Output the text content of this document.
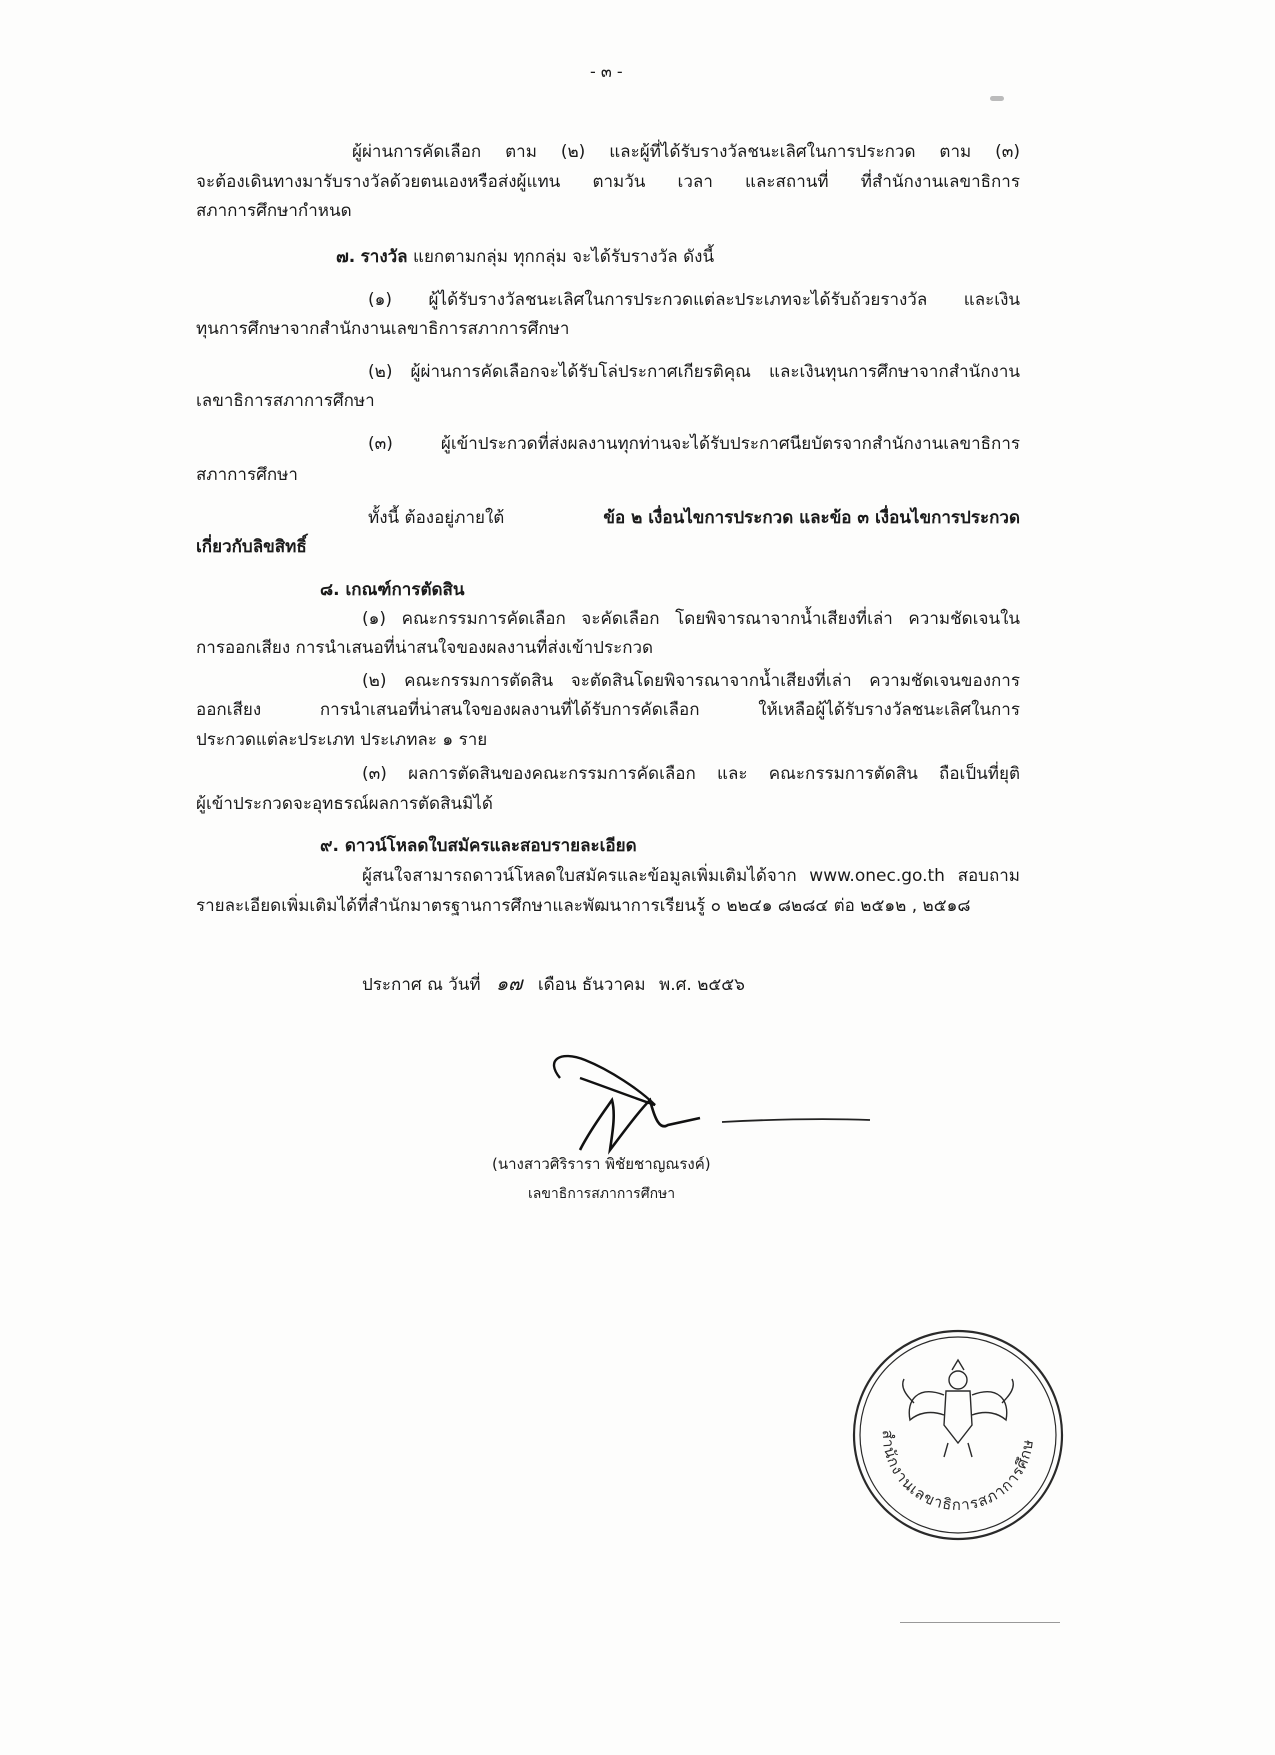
- ๓ -
ผู้ผ่านการคัดเลือก ตาม (๒) และผู้ที่ได้รับรางวัลชนะเลิศในการประกวด ตาม (๓)
จะต้องเดินทางมารับรางวัลด้วยตนเองหรือส่งผู้แทน ตามวัน เวลา และสถานที่ ที่สำนักงานเลขาธิการ
สภาการศึกษากำหนด
๗. รางวัล แยกตามกลุ่ม ทุกกลุ่ม จะได้รับรางวัล ดังนี้
(๑) ผู้ได้รับรางวัลชนะเลิศในการประกวดแต่ละประเภทจะได้รับถ้วยรางวัล และเงิน
ทุนการศึกษาจากสำนักงานเลขาธิการสภาการศึกษา
(๒) ผู้ผ่านการคัดเลือกจะได้รับโล่ประกาศเกียรติคุณ และเงินทุนการศึกษาจากสำนักงาน
เลขาธิการสภาการศึกษา
(๓) ผู้เข้าประกวดที่ส่งผลงานทุกท่านจะได้รับประกาศนียบัตรจากสำนักงานเลขาธิการ
สภาการศึกษา
ทั้งนี้ ต้องอยู่ภายใต้	ข้อ ๒ เงื่อนไขการประกวด และข้อ ๓ เงื่อนไขการประกวด
เกี่ยวกับลิขสิทธิ์
๘. เกณฑ์การตัดสิน
(๑) คณะกรรมการคัดเลือก จะคัดเลือก โดยพิจารณาจากน้ำเสียงที่เล่า ความชัดเจนใน
การออกเสียง การนำเสนอที่น่าสนใจของผลงานที่ส่งเข้าประกวด
(๒) คณะกรรมการตัดสิน จะตัดสินโดยพิจารณาจากน้ำเสียงที่เล่า ความชัดเจนของการ
ออกเสียง การนำเสนอที่น่าสนใจของผลงานที่ได้รับการคัดเลือก ให้เหลือผู้ได้รับรางวัลชนะเลิศในการ
ประกวดแต่ละประเภท ประเภทละ ๑ ราย
(๓) ผลการตัดสินของคณะกรรมการคัดเลือก และ คณะกรรมการตัดสิน ถือเป็นที่ยุติ
ผู้เข้าประกวดจะอุทธรณ์ผลการตัดสินมิได้
๙. ดาวน์โหลดใบสมัครและสอบรายละเอียด
ผู้สนใจสามารถดาวน์โหลดใบสมัครและข้อมูลเพิ่มเติมได้จาก www.onec.go.th สอบถาม
รายละเอียดเพิ่มเติมได้ที่สำนักมาตรฐานการศึกษาและพัฒนาการเรียนรู้ ๐ ๒๒๔๑ ๘๒๘๔ ต่อ ๒๕๑๒ , ๒๕๑๘
ประกาศ ณ วันที่ ๑๗ เดือน ธันวาคม พ.ศ. ๒๕๕๖
(นางสาวศิริรารา พิชัยชาญณรงค์)
เลขาธิการสภาการศึกษา
สำนักงานเลขาธิการสภาการศึกษา
